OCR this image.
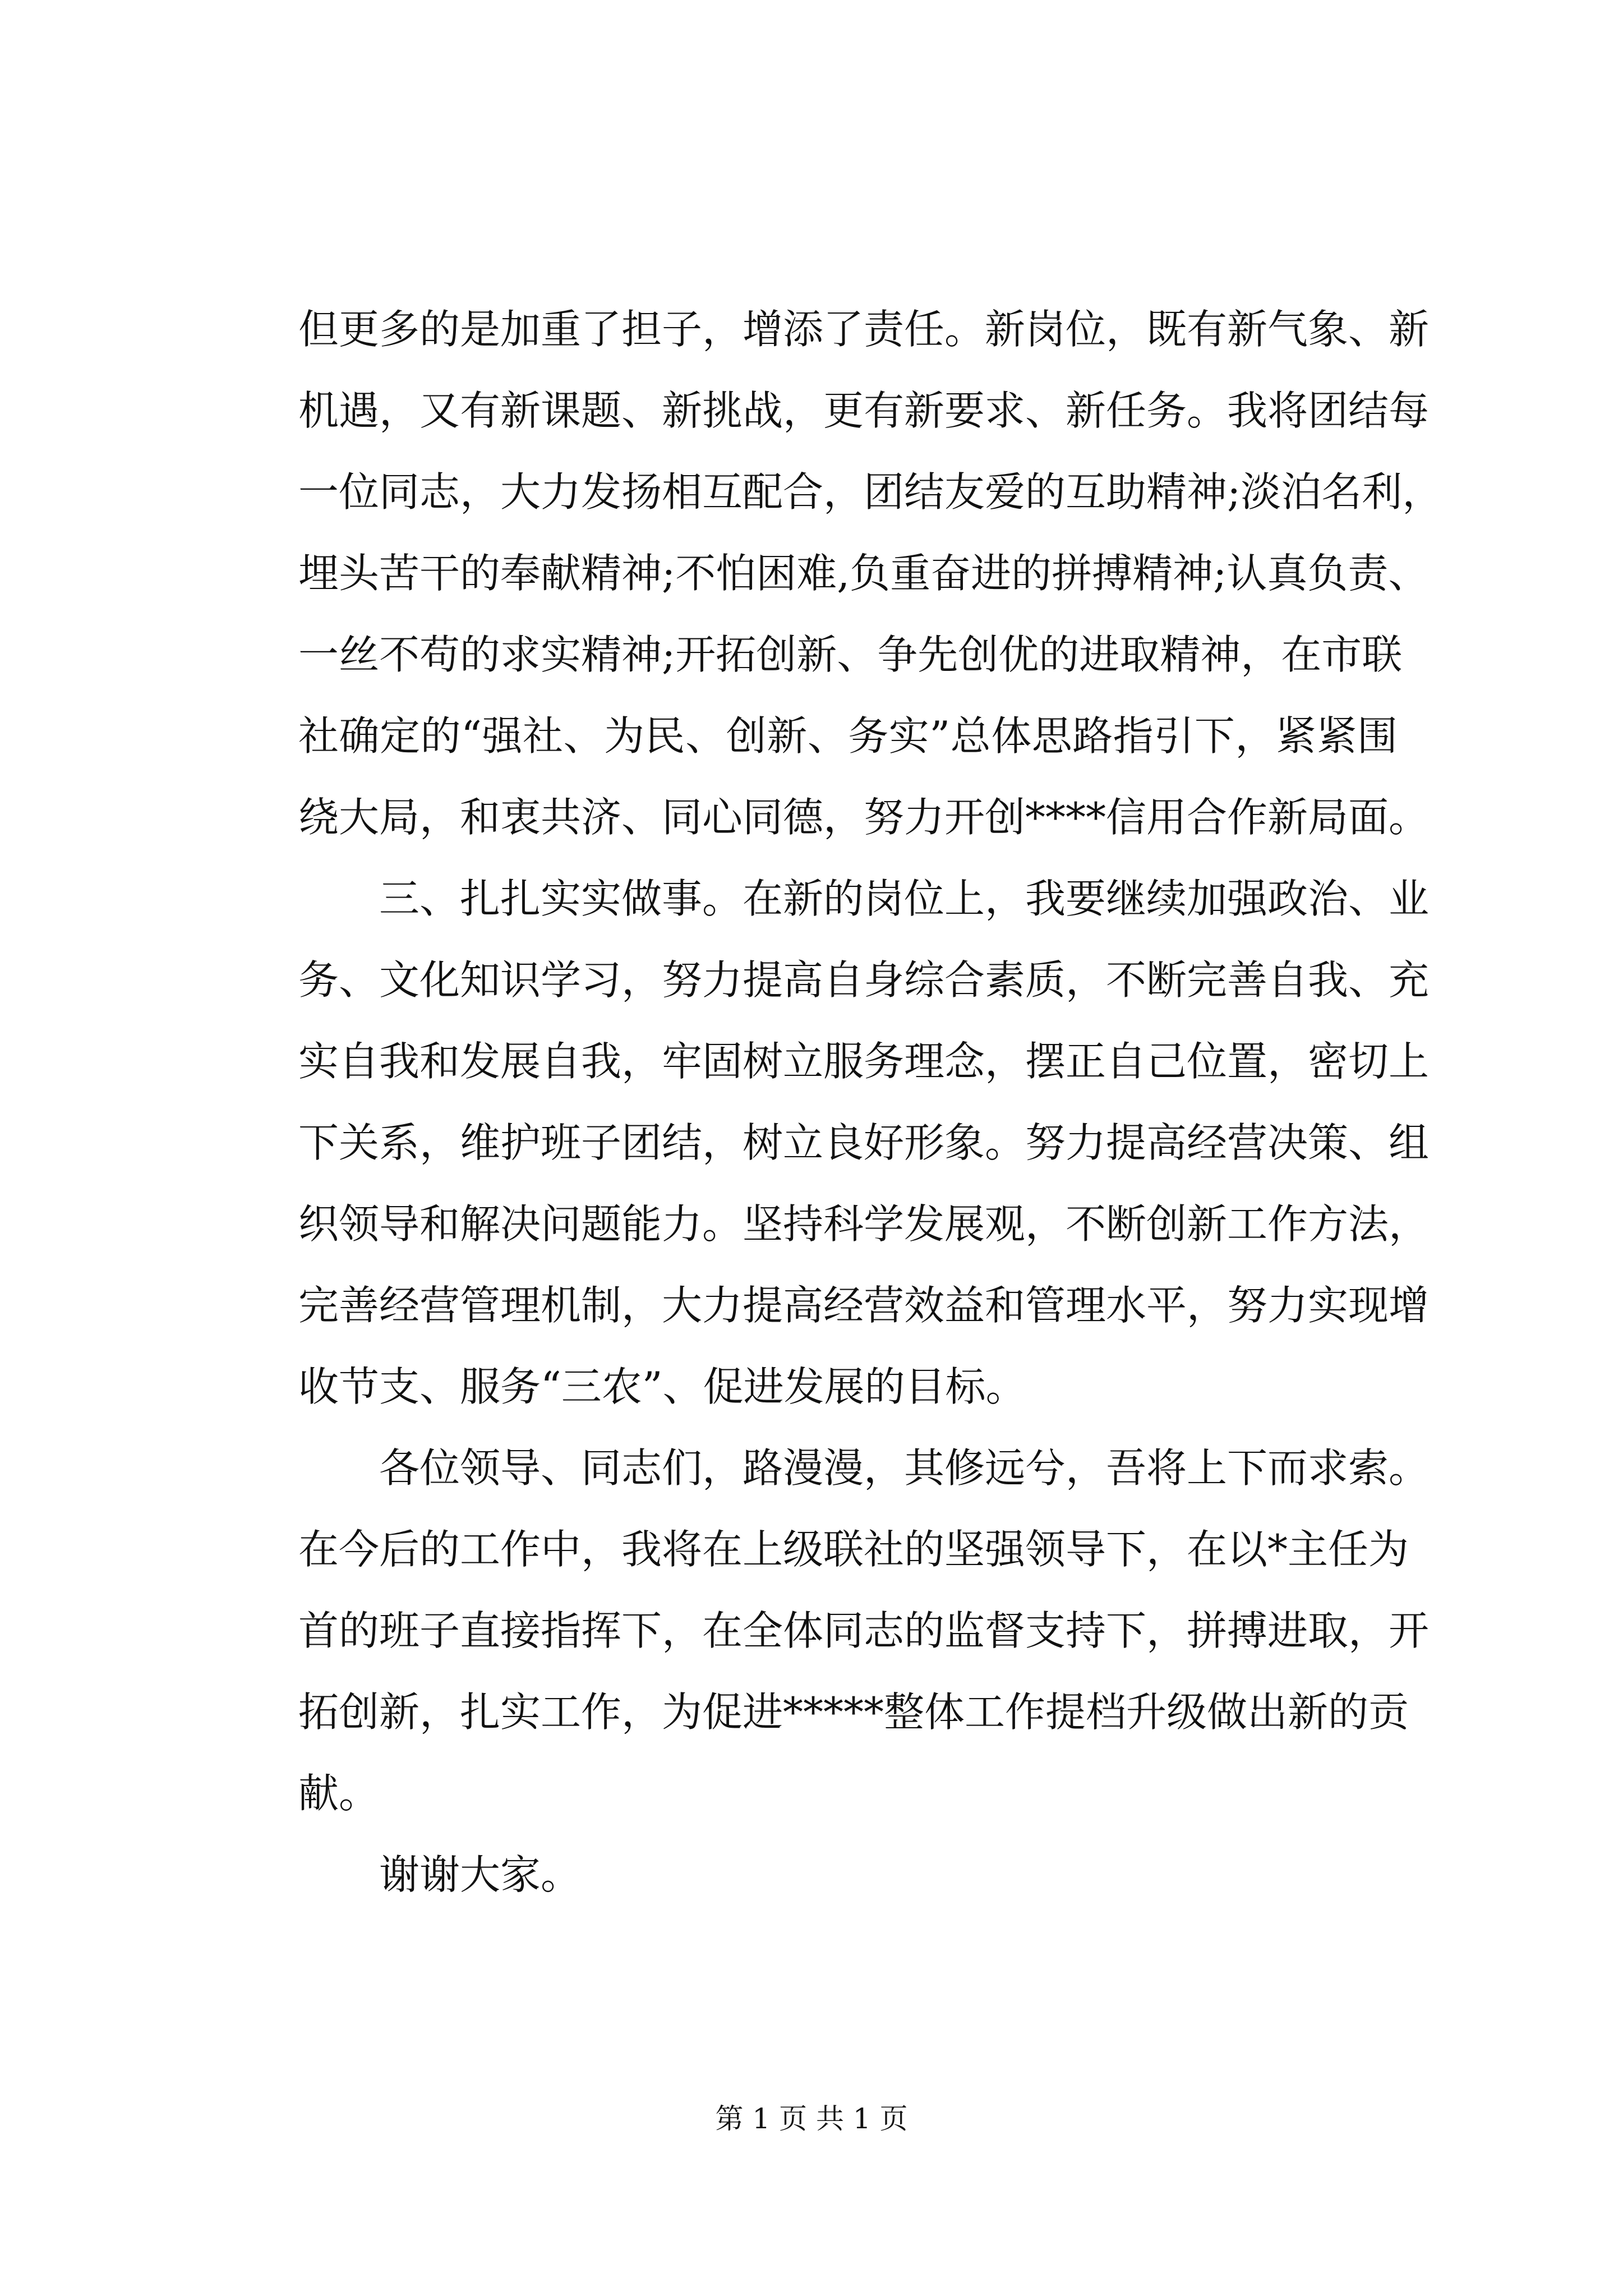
但更多的是加重了担子，增添了责任。新岗位，既有新气象、新
机遇，又有新课题、新挑战，更有新要求、新任务。我将团结每
一位同志，大力发扬相互配合，团结友爱的互助精神;淡泊名利，
埋头苦干的奉献精神;不怕困难,负重奋进的拼搏精神;认真负责、
一丝不苟的求实精神;开拓创新、争先创优的进取精神，在市联
社确定的“强社、为民、创新、务实”总体思路指引下，紧紧围
绕大局，和衷共济、同心同德，努力开创****信用合作新局面。
　　三、扎扎实实做事。在新的岗位上，我要继续加强政治、业
务、文化知识学习，努力提高自身综合素质，不断完善自我、充
实自我和发展自我，牢固树立服务理念，摆正自己位置，密切上
下关系，维护班子团结，树立良好形象。努力提高经营决策、组
织领导和解决问题能力。坚持科学发展观，不断创新工作方法，
完善经营管理机制，大力提高经营效益和管理水平，努力实现增
收节支、服务“三农”、促进发展的目标。
　　各位领导、同志们，路漫漫，其修远兮，吾将上下而求索。
在今后的工作中，我将在上级联社的坚强领导下，在以*主任为
首的班子直接指挥下，在全体同志的监督支持下，拼搏进取，开
拓创新，扎实工作，为促进*****整体工作提档升级做出新的贡
献。
　　谢谢大家。
第 1 页 共 1 页
